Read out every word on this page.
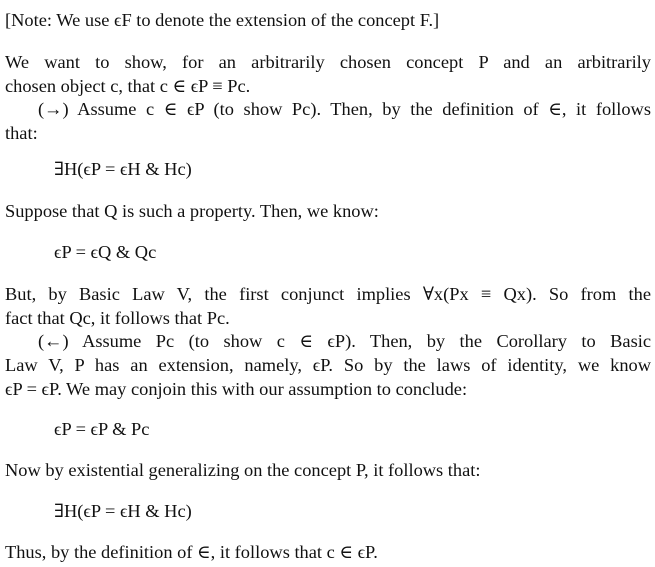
[Note: We use ϵF to denote the extension of the concept F.]
We want to show, for an arbitrarily chosen concept P and an arbitrarily
chosen object c, that c ∈ ϵP ≡ Pc.
(→) Assume c ∈ ϵP (to show Pc). Then, by the definition of ∈, it follows
that:
∃H(ϵP = ϵH & Hc)
Suppose that Q is such a property. Then, we know:
ϵP = ϵQ & Qc
But, by Basic Law V, the first conjunct implies ∀x(Px ≡ Qx). So from the
fact that Qc, it follows that Pc.
(←) Assume Pc (to show c ∈ ϵP). Then, by the Corollary to Basic
Law V, P has an extension, namely, ϵP. So by the laws of identity, we know
ϵP = ϵP. We may conjoin this with our assumption to conclude:
ϵP = ϵP & Pc
Now by existential generalizing on the concept P, it follows that:
∃H(ϵP = ϵH & Hc)
Thus, by the definition of ∈, it follows that c ∈ ϵP.
